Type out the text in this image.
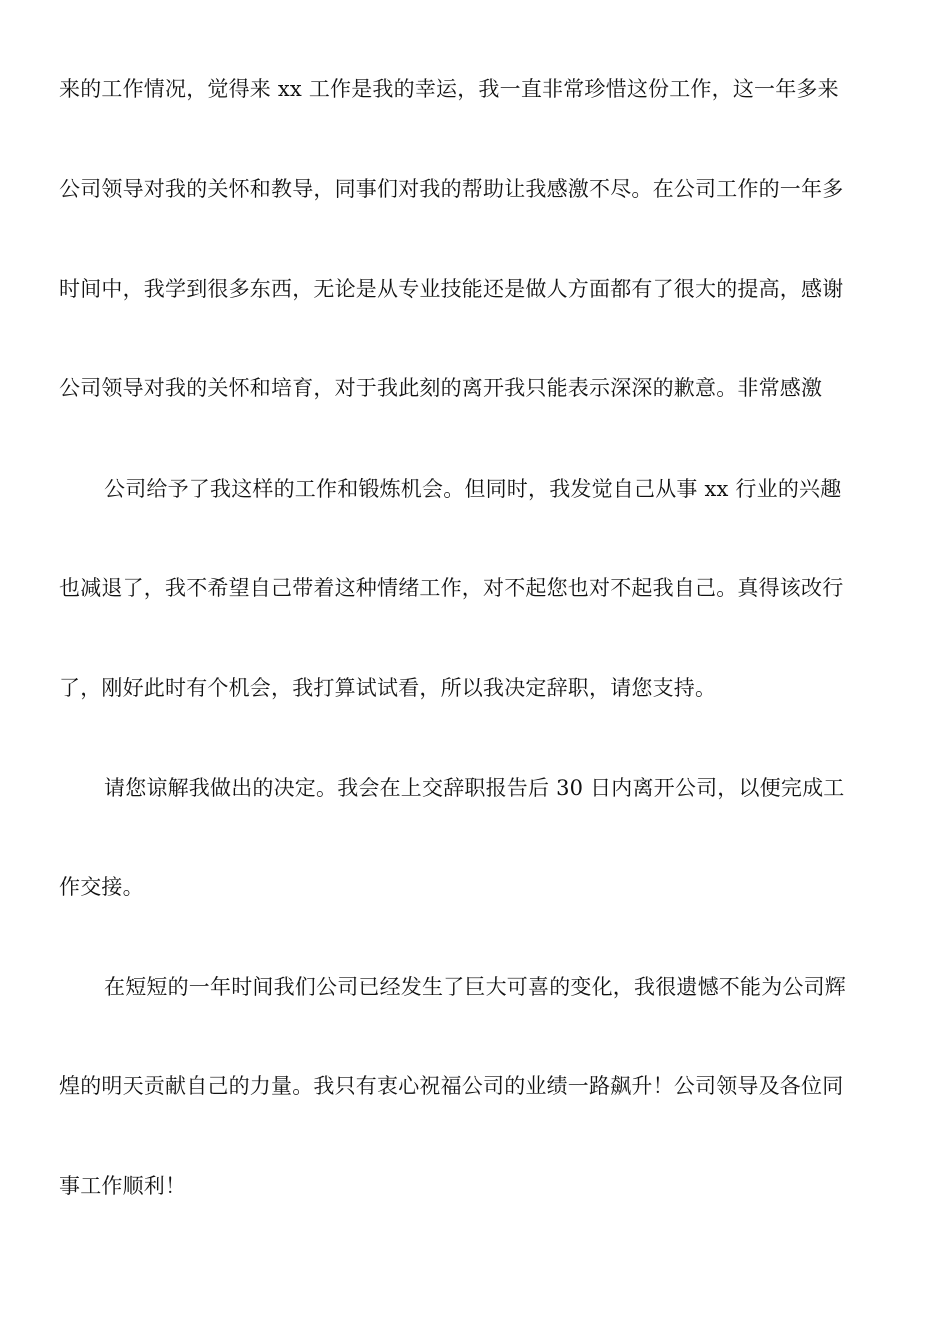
来的工作情况，觉得来 xx 工作是我的幸运，我一直非常珍惜这份工作，这一年多来
公司领导对我的关怀和教导，同事们对我的帮助让我感激不尽。在公司工作的一年多
时间中，我学到很多东西，无论是从专业技能还是做人方面都有了很大的提高，感谢
公司领导对我的关怀和培育，对于我此刻的离开我只能表示深深的歉意。非常感激
公司给予了我这样的工作和锻炼机会。但同时，我发觉自己从事 xx 行业的兴趣
也减退了，我不希望自己带着这种情绪工作，对不起您也对不起我自己。真得该改行
了，刚好此时有个机会，我打算试试看，所以我决定辞职，请您支持。
请您谅解我做出的决定。我会在上交辞职报告后 30 日内离开公司，以便完成工
作交接。
在短短的一年时间我们公司已经发生了巨大可喜的变化，我很遗憾不能为公司辉
煌的明天贡献自己的力量。我只有衷心祝福公司的业绩一路飙升！公司领导及各位同
事工作顺利！
